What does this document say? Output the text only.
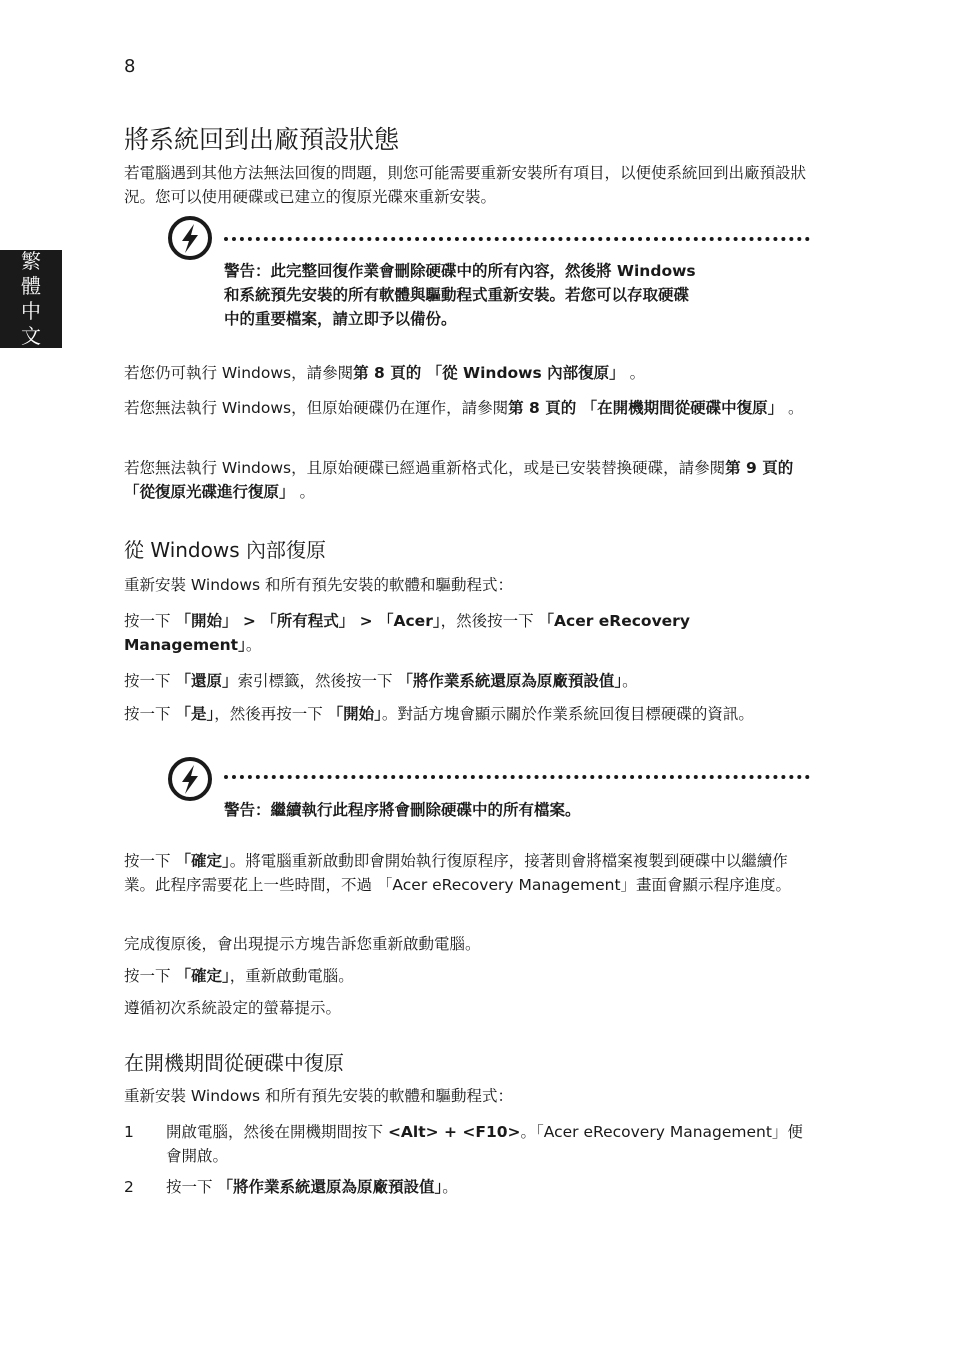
8
繁
體
中
文
將系統回到出廠預設狀態

若電腦遇到其他方法無法回復的問題，則您可能需要重新安裝所有項目，以便使系統回到出廠預設狀況。您可以使用硬碟或已建立的復原光碟來重新安裝。

警告：此完整回復作業會刪除硬碟中的所有內容，然後將 Windows
和系統預先安裝的所有軟體與驅動程式重新安裝。若您可以存取硬碟
中的重要檔案，請立即予以備份。

若您仍可執行 Windows，請參閱第 8 頁的 「從 Windows 內部復原」 。

若您無法執行 Windows，但原始硬碟仍在運作，請參閱第 8 頁的 「在開機期間從硬碟中復原」 。

若您無法執行 Windows，且原始硬碟已經過重新格式化，或是已安裝替換硬碟，請參閱第 9 頁的 「從復原光碟進行復原」 。

從 Windows 內部復原

重新安裝 Windows 和所有預先安裝的軟體和驅動程式：

按一下 「開始」 > 「所有程式」 > 「Acer」，然後按一下 「Acer eRecovery Management」。

按一下 「還原」索引標籤，然後按一下 「將作業系統還原為原廠預設值」。

按一下 「是」，然後再按一下 「開始」。對話方塊會顯示關於作業系統回復目標硬碟的資訊。

警告：繼續執行此程序將會刪除硬碟中的所有檔案。

按一下 「確定」。將電腦重新啟動即會開始執行復原程序，接著則會將檔案複製到硬碟中以繼續作業。此程序需要花上一些時間，不過 「Acer eRecovery Management」畫面會顯示程序進度。

完成復原後，會出現提示方塊告訴您重新啟動電腦。

按一下 「確定」，重新啟動電腦。

遵循初次系統設定的螢幕提示。

在開機期間從硬碟中復原

重新安裝 Windows 和所有預先安裝的軟體和驅動程式：

1 開啟電腦，然後在開機期間按下 <Alt> + <F10>。「Acer eRecovery Management」便會開啟。
2 按一下 「將作業系統還原為原廠預設值」。
